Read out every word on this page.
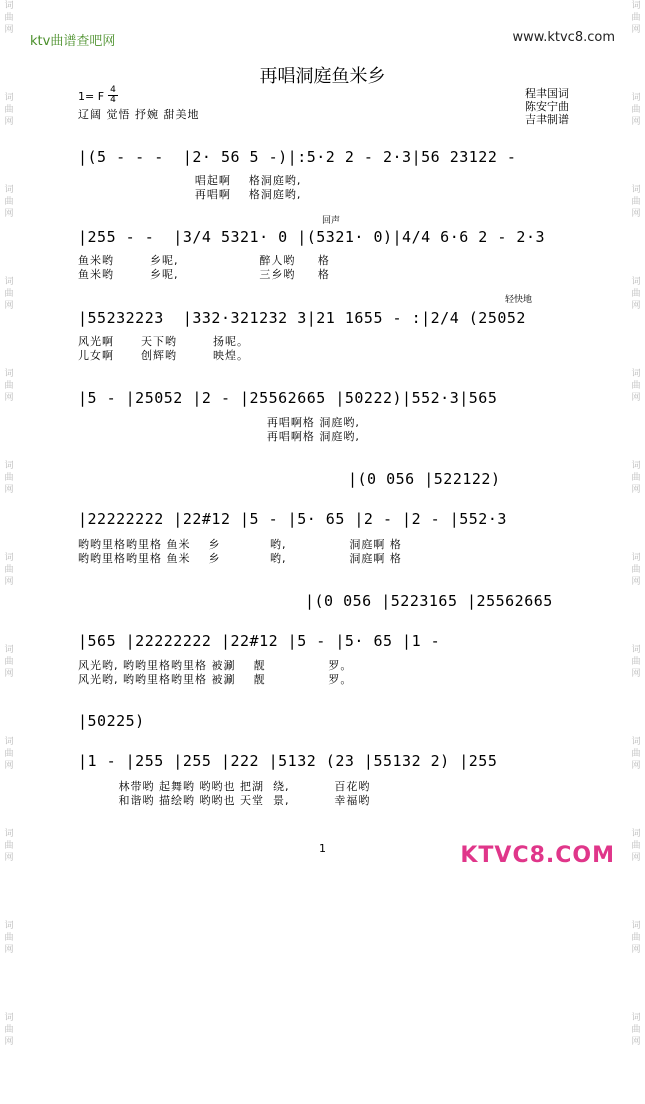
词
曲
网
词
曲
网
词
曲
网
词
曲
网
词
曲
网
词
曲
网
词
曲
网
词
曲
网
词
曲
网
词
曲
网
词
曲
网
词
曲
网
词
曲
网
词
曲
网
词
曲
网
词
曲
网
词
曲
网
词
曲
网
词
曲
网
词
曲
网
词
曲
网
词
曲
网
词
曲
网
词
曲
网
ktv曲谱查吧网	www.ktvc8.com
再唱洞庭鱼米乡
程聿国词
陈安宁曲
吉聿制谱
1= F 4
4
辽阔 觉悟 抒婉 甜美地
回声
轻快地
|(5 - - -  |2· 56 5 -)|:5·2 2 - 2·3|56 23122 -
唱起啊    格洞庭哟,
再唱啊    格洞庭哟,
|255 - -  |3/4 5321· 0 |(5321· 0)|4/4 6·6 2 - 2·3
鱼米哟        乡呢,                  醉人哟     格
鱼米哟        乡呢,                  三乡哟     格
|55232223  |332·321232 3|21 1655 - :|2/4 (25052
风光啊      天下哟        扬呢。
儿女啊      创辉哟        映煌。
|5 - |25052 |2 - |25562665 |50222)|552·3|565
再唱啊格 洞庭哟,
再唱啊格 洞庭哟,
|(0 056 |522122)
|22222222 |22#12 |5 - |5· 65 |2 - |2 - |552·3
哟哟里格哟里格 鱼米    乡           哟,              洞庭啊 格
哟哟里格哟里格 鱼米    乡           哟,              洞庭啊 格
|(0 056 |5223165 |25562665
|565 |22222222 |22#12 |5 - |5· 65 |1 -
风光哟, 哟哟里格哟里格 被涮    靓              罗。
风光哟, 哟哟里格哟里格 被涮    靓              罗。
|50225)
|1 - |255 |255 |222 |5132 (23 |55132 2) |255
林带哟 起舞哟 哟哟也 把湖  绕,          百花哟
和谐哟 描绘哟 哟哟也 天堂  景,          幸福哟
1	KTVC8.COM
